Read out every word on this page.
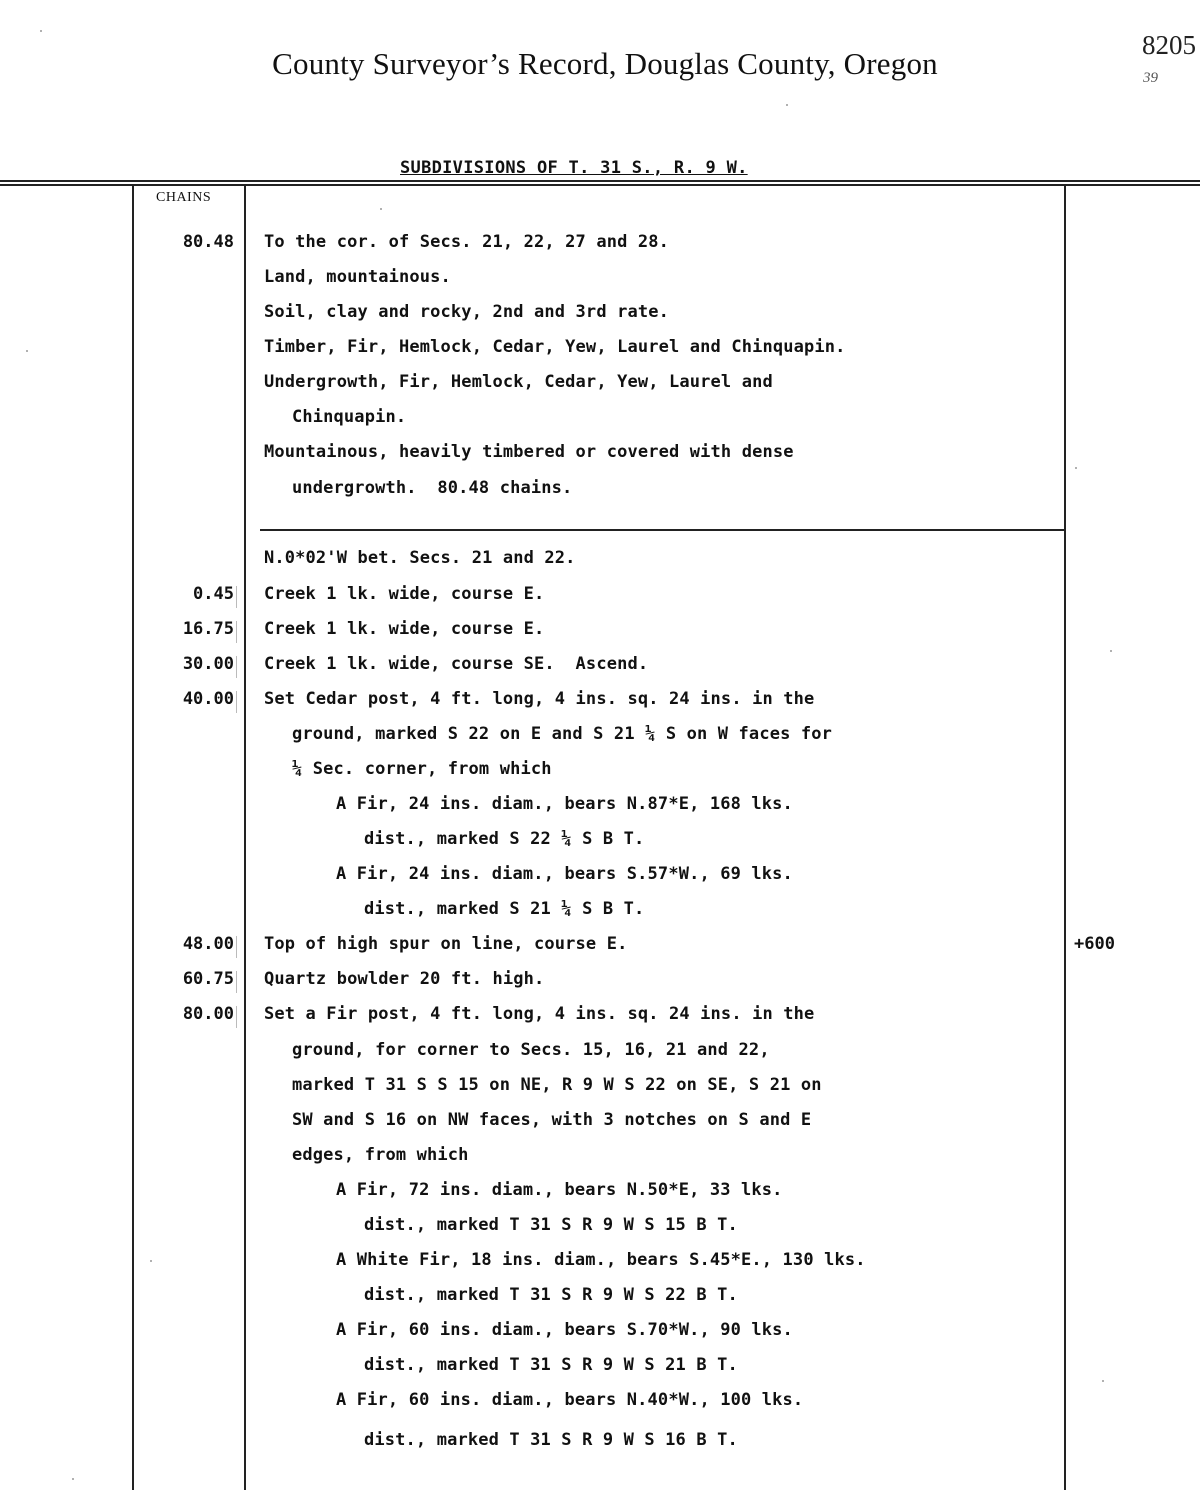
County Surveyor’s Record, Douglas County, Oregon
8205
39
SUBDIVISIONS OF T. 31 S., R. 9 W.
CHAINS
80.48 To the cor. of Secs. 21, 22, 27 and 28.
Land, mountainous.
Soil, clay and rocky, 2nd and 3rd rate.
Timber, Fir, Hemlock, Cedar, Yew, Laurel and Chinquapin.
Undergrowth, Fir, Hemlock, Cedar, Yew, Laurel and
Chinquapin.
Mountainous, heavily timbered or covered with dense
undergrowth.  80.48 chains.
N.0*02'W bet. Secs. 21 and 22.
0.45 Creek 1 lk. wide, course E.
16.75 Creek 1 lk. wide, course E.
30.00 Creek 1 lk. wide, course SE.  Ascend.
40.00 Set Cedar post, 4 ft. long, 4 ins. sq. 24 ins. in the
ground, marked S 22 on E and S 21 ¼ S on W faces for
¼ Sec. corner, from which
A Fir, 24 ins. diam., bears N.87*E, 168 lks.
dist., marked S 22 ¼ S B T.
A Fir, 24 ins. diam., bears S.57*W., 69 lks.
dist., marked S 21 ¼ S B T.
48.00 Top of high spur on line, course E.	+600
60.75 Quartz bowlder 20 ft. high.
80.00 Set a Fir post, 4 ft. long, 4 ins. sq. 24 ins. in the
ground, for corner to Secs. 15, 16, 21 and 22,
marked T 31 S S 15 on NE, R 9 W S 22 on SE, S 21 on
SW and S 16 on NW faces, with 3 notches on S and E
edges, from which
A Fir, 72 ins. diam., bears N.50*E, 33 lks.
dist., marked T 31 S R 9 W S 15 B T.
A White Fir, 18 ins. diam., bears S.45*E., 130 lks.
dist., marked T 31 S R 9 W S 22 B T.
A Fir, 60 ins. diam., bears S.70*W., 90 lks.
dist., marked T 31 S R 9 W S 21 B T.
A Fir, 60 ins. diam., bears N.40*W., 100 lks.
dist., marked T 31 S R 9 W S 16 B T.
